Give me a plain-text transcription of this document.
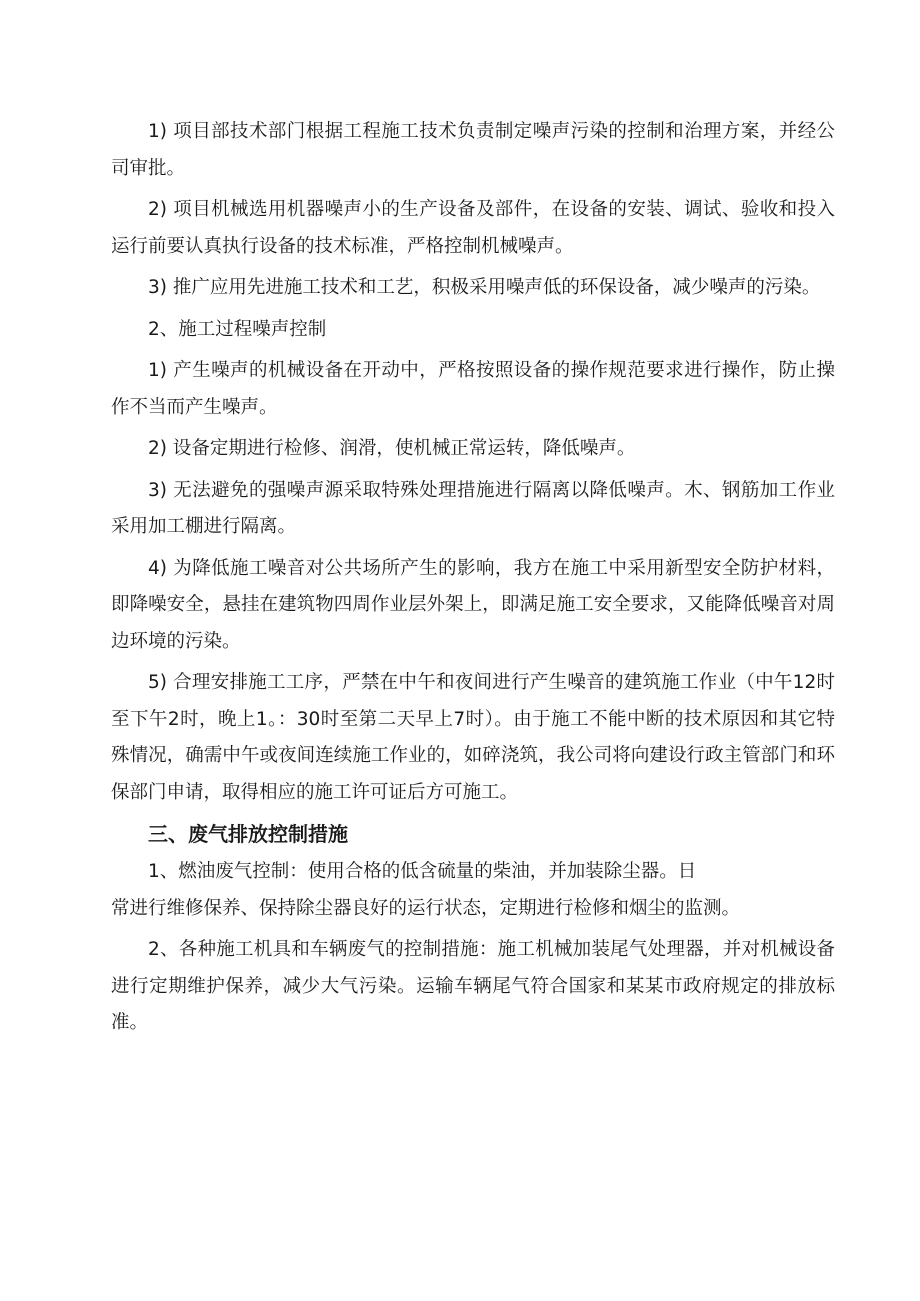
1) 项目部技术部门根据工程施工技术负责制定噪声污染的控制和治理方案，并经公司审批。

2) 项目机械选用机器噪声小的生产设备及部件，在设备的安装、调试、验收和投入运行前要认真执行设备的技术标准，严格控制机械噪声。

3) 推广应用先进施工技术和工艺，积极采用噪声低的环保设备，减少噪声的污染。

2、施工过程噪声控制

1) 产生噪声的机械设备在开动中，严格按照设备的操作规范要求进行操作，防止操作不当而产生噪声。

2) 设备定期进行检修、润滑，使机械正常运转，降低噪声。

3) 无法避免的强噪声源采取特殊处理措施进行隔离以降低噪声。木、钢筋加工作业采用加工棚进行隔离。

4) 为降低施工噪音对公共场所产生的影响，我方在施工中采用新型安全防护材料，即降噪安全，悬挂在建筑物四周作业层外架上，即满足施工安全要求，又能降低噪音对周边环境的污染。

5) 合理安排施工工序，严禁在中午和夜间进行产生噪音的建筑施工作业（中午12时至下午2时，晚上1。：30时至第二天早上7时）。由于施工不能中断的技术原因和其它特殊情况，确需中午或夜间连续施工作业的，如碎浇筑，我公司将向建设行政主管部门和环保部门申请，取得相应的施工许可证后方可施工。

三、废气排放控制措施

1、燃油废气控制：使用合格的低含硫量的柴油，并加装除尘器。日
常进行维修保养、保持除尘器良好的运行状态，定期进行检修和烟尘的监测。

2、各种施工机具和车辆废气的控制措施：施工机械加装尾气处理器，并对机械设备进行定期维护保养，减少大气污染。运输车辆尾气符合国家和某某市政府规定的排放标准。
